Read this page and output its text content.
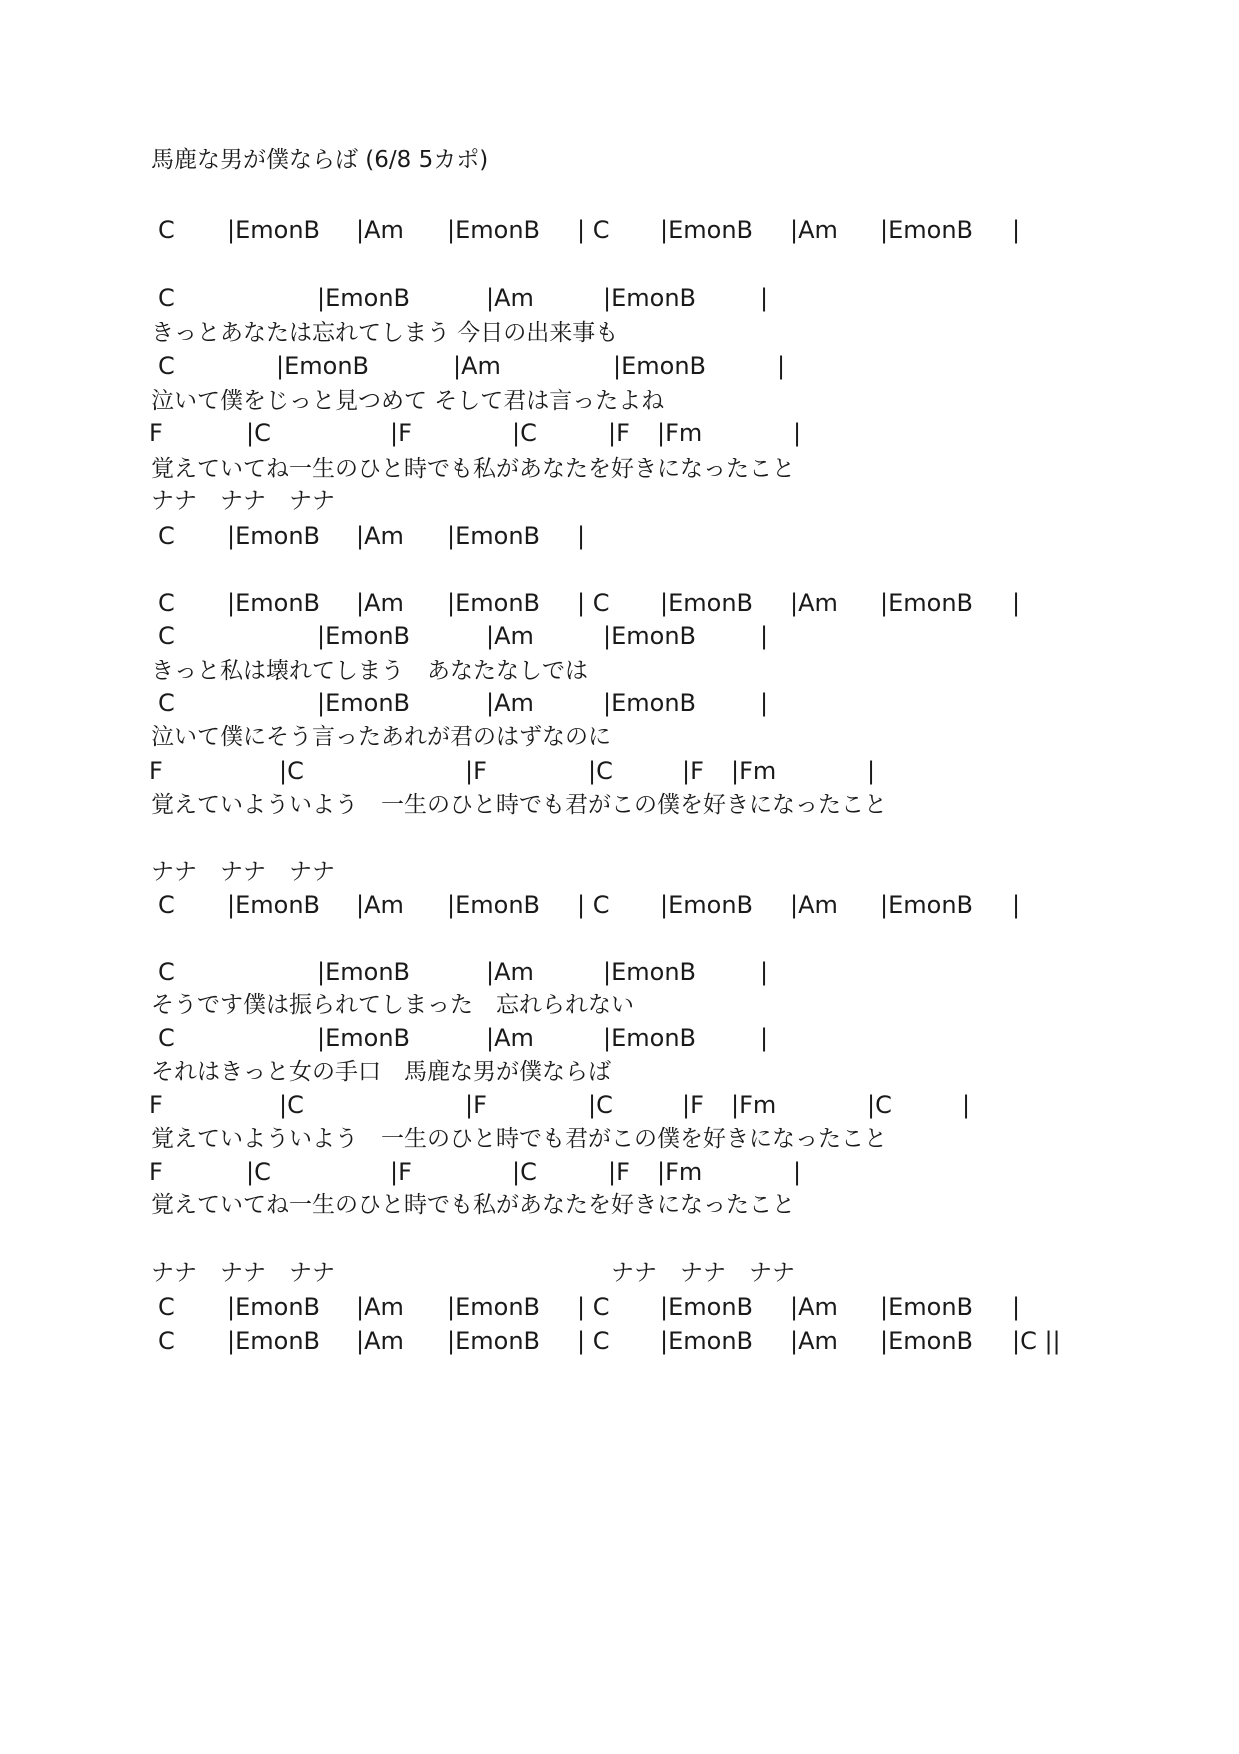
馬鹿な男が僕ならば (6/8 5カポ)
C |EmonB |Am |EmonB | C |EmonB |Am |EmonB |
C	|EmonB	|Am	|EmonB	|
きっとあなたは忘れてしまう 今日の出来事も
C	|EmonB	|Am	|EmonB	|
泣いて僕をじっと見つめて そして君は言ったよね
F	|C	|F	|C	|F |Fm	|
覚えていてね一生のひと時でも私があなたを好きになったこと
ナナ　ナナ　ナナ
C |EmonB |Am |EmonB |
C |EmonB |Am |EmonB | C |EmonB |Am |EmonB |
C	|EmonB	|Am	|EmonB	|
きっと私は壊れてしまう　あなたなしでは
C	|EmonB	|Am	|EmonB	|
泣いて僕にそう言ったあれが君のはずなのに
F	|C	|F	|C	|F |Fm	|
覚えていよういよう　一生のひと時でも君がこの僕を好きになったこと
ナナ　ナナ　ナナ
C |EmonB |Am |EmonB | C |EmonB |Am |EmonB |
C	|EmonB	|Am	|EmonB	|
そうです僕は振られてしまった　忘れられない
C	|EmonB	|Am	|EmonB	|
それはきっと女の手口　馬鹿な男が僕ならば
F	|C	|F	|C	|F |Fm	|C	|
覚えていよういよう　一生のひと時でも君がこの僕を好きになったこと
F	|C	|F	|C	|F |Fm	|
覚えていてね一生のひと時でも私があなたを好きになったこと
ナナ　ナナ　ナナ　　　　　　　　　　　　ナナ　ナナ　ナナ
C |EmonB |Am |EmonB | C |EmonB |Am |EmonB |
C |EmonB |Am |EmonB | C |EmonB |Am |EmonB |C ||
